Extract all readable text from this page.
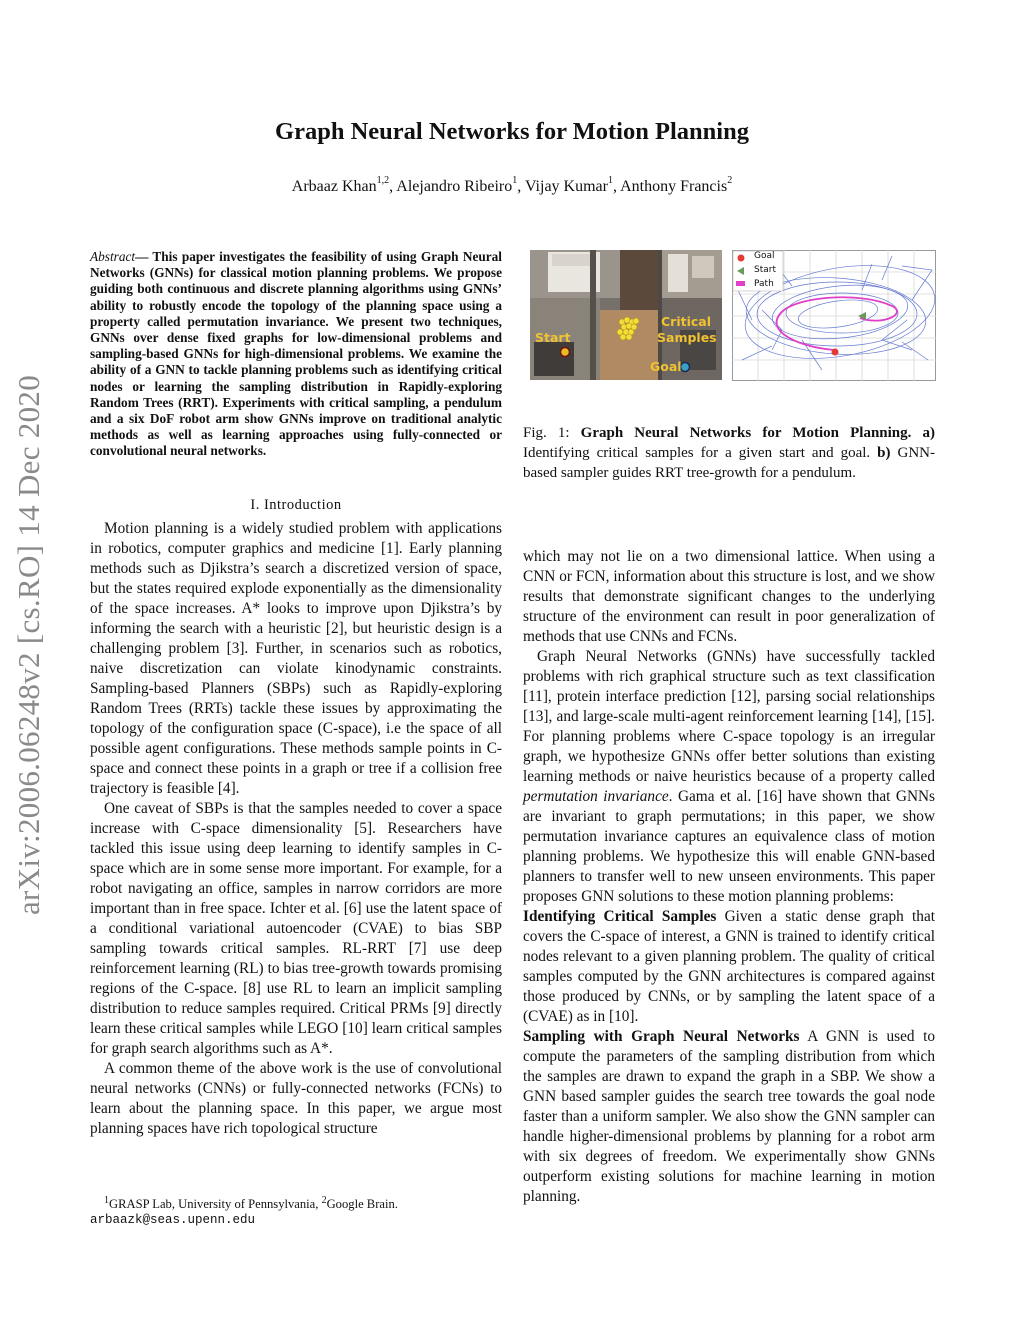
Graph Neural Networks for Motion Planning
Arbaaz Khan$^{1,2}$, Alejandro Ribeiro$^1$, Vijay Kumar$^1$, Anthony Francis$^2$
arXiv:2006.06248v2 [cs.RO] 14 Dec 2020
Abstract— This paper investigates the feasibility of using Graph Neural Networks (GNNs) for classical motion planning problems. We propose guiding both continuous and discrete planning algorithms using GNNs’ ability to robustly encode the topology of the planning space using a property called permutation invariance. We present two techniques, GNNs over dense fixed graphs for low-dimensional problems and sampling-based GNNs for high-dimensional problems. We examine the ability of a GNN to tackle planning problems such as identifying critical nodes or learning the sampling distribution in Rapidly-exploring Random Trees (RRT). Experiments with critical sampling, a pendulum and a six DoF robot arm show GNNs improve on traditional analytic methods as well as learning approaches using fully-connected or convolutional neural networks.
I. Introduction

Motion planning is a widely studied problem with applications in robotics, computer graphics and medicine [1]. Early planning methods such as Djikstra’s search a discretized version of space, but the states required explode exponentially as the dimensionality of the space increases. A* looks to improve upon Djikstra’s by informing the search with a heuristic [2], but heuristic design is a challenging problem [3]. Further, in scenarios such as robotics, naive discretization can violate kinodynamic constraints. Sampling-based Planners (SBPs) such as Rapidly-exploring Random Trees (RRTs) tackle these issues by approximating the topology of the configuration space (C-space), i.e the space of all possible agent configurations. These methods sample points in C-space and connect these points in a graph or tree if a collision free trajectory is feasible [4].

One caveat of SBPs is that the samples needed to cover a space increase with C-space dimensionality [5]. Researchers have tackled this issue using deep learning to identify samples in C-space which are in some sense more important. For example, for a robot navigating an office, samples in narrow corridors are more important than in free space. Ichter et al. [6] use the latent space of a conditional variational autoencoder (CVAE) to bias SBP sampling towards critical samples. RL-RRT [7] use deep reinforcement learning (RL) to bias tree-growth towards promising regions of the C-space. [8] use RL to learn an implicit sampling distribution to reduce samples required. Critical PRMs [9] directly learn these critical samples while LEGO [10] learn critical samples for graph search algorithms such as A*.

A common theme of the above work is the use of convolutional neural networks (CNNs) or fully-connected networks (FCNs) to learn about the planning space. In this paper, we argue most planning spaces have rich topological structure

$^1$GRASP Lab, University of Pennsylvania, $^2$Google Brain.
arbaazk@seas.upenn.edu
Start
Critical
Samples
Goal
Goal
Start
Path
Fig. 1: Graph Neural Networks for Motion Planning. a) Identifying critical samples for a given start and goal. b) GNN-based sampler guides RRT tree-growth for a pendulum.

which may not lie on a two dimensional lattice. When using a CNN or FCN, information about this structure is lost, and we show results that demonstrate significant changes to the underlying structure of the environment can result in poor generalization of methods that use CNNs and FCNs.

Graph Neural Networks (GNNs) have successfully tackled problems with rich graphical structure such as text classification [11], protein interface prediction [12], parsing social relationships [13], and large-scale multi-agent reinforcement learning [14], [15]. For planning problems where C-space topology is an irregular graph, we hypothesize GNNs offer better solutions than existing learning methods or naive heuristics because of a property called permutation invariance. Gama et al. [16] have shown that GNNs are invariant to graph permutations; in this paper, we show permutation invariance captures an equivalence class of motion planning problems. We hypothesize this will enable GNN-based planners to transfer well to new unseen environments. This paper proposes GNN solutions to these motion planning problems:

Identifying Critical Samples Given a static dense graph that covers the C-space of interest, a GNN is trained to identify critical nodes relevant to a given planning problem. The quality of critical samples computed by the GNN architectures is compared against those produced by CNNs, or by sampling the latent space of a (CVAE) as in [10].

Sampling with Graph Neural Networks A GNN is used to compute the parameters of the sampling distribution from which the samples are drawn to expand the graph in a SBP. We show a GNN based sampler guides the search tree towards the goal node faster than a uniform sampler. We also show the GNN sampler can handle higher-dimensional problems by planning for a robot arm with six degrees of freedom. We experimentally show GNNs outperform existing solutions for machine learning in motion planning.
